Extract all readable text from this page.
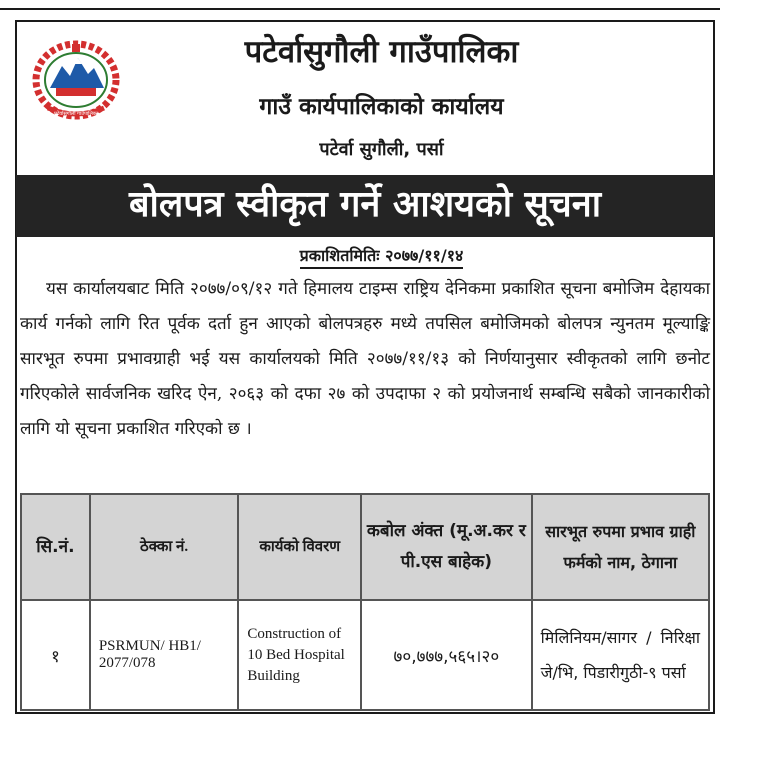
पटेर्वासुगौली गाउँपालिका
पटेर्वासुगौली गाउँपालिका
गाउँ कार्यपालिकाको कार्यालय
पटेर्वा सुगौली, पर्सा
बोलपत्र स्वीकृत गर्ने आशयको सूचना
प्रकाशितमितिः २०७७/११/१४
यस कार्यालयबाट मिति २०७७/०९/१२ गते हिमालय टाइम्स राष्ट्रिय देनिकमा प्रकाशित सूचना बमोजिम देहायका कार्य गर्नको लागि रित पूर्वक दर्ता हुन आएको बोलपत्रहरु मध्ये तपसिल बमोजिमको बोलपत्र न्युनतम मूल्याङ्कि सारभूत रुपमा प्रभावग्राही भई यस कार्यालयको मिति २०७७/११/१३ को निर्णयानुसार स्वीकृतको लागि छनोट गरिएकोले सार्वजनिक खरिद ऐन, २०६३ को दफा २७ को उपदाफा २ को प्रयोजनार्थ सम्बन्धि सबैको जानकारीको लागि यो सूचना प्रकाशित गरिएको छ ।
सि.नं.	ठेक्का नं.	कार्यको विवरण	कबोल अंक्त (मू.अ.कर र पी.एस बाहेक)	सारभूत रुपमा प्रभाव ग्राही फर्मको नाम, ठेगाना
१	PSRMUN/ HB1/ 2077/078	Construction of 10 Bed Hospital Building	७०,७७७,५६५।२०	मिलिनियम/सागर / निरिक्षा जे/भि, पिडारीगुठी-९ पर्सा
